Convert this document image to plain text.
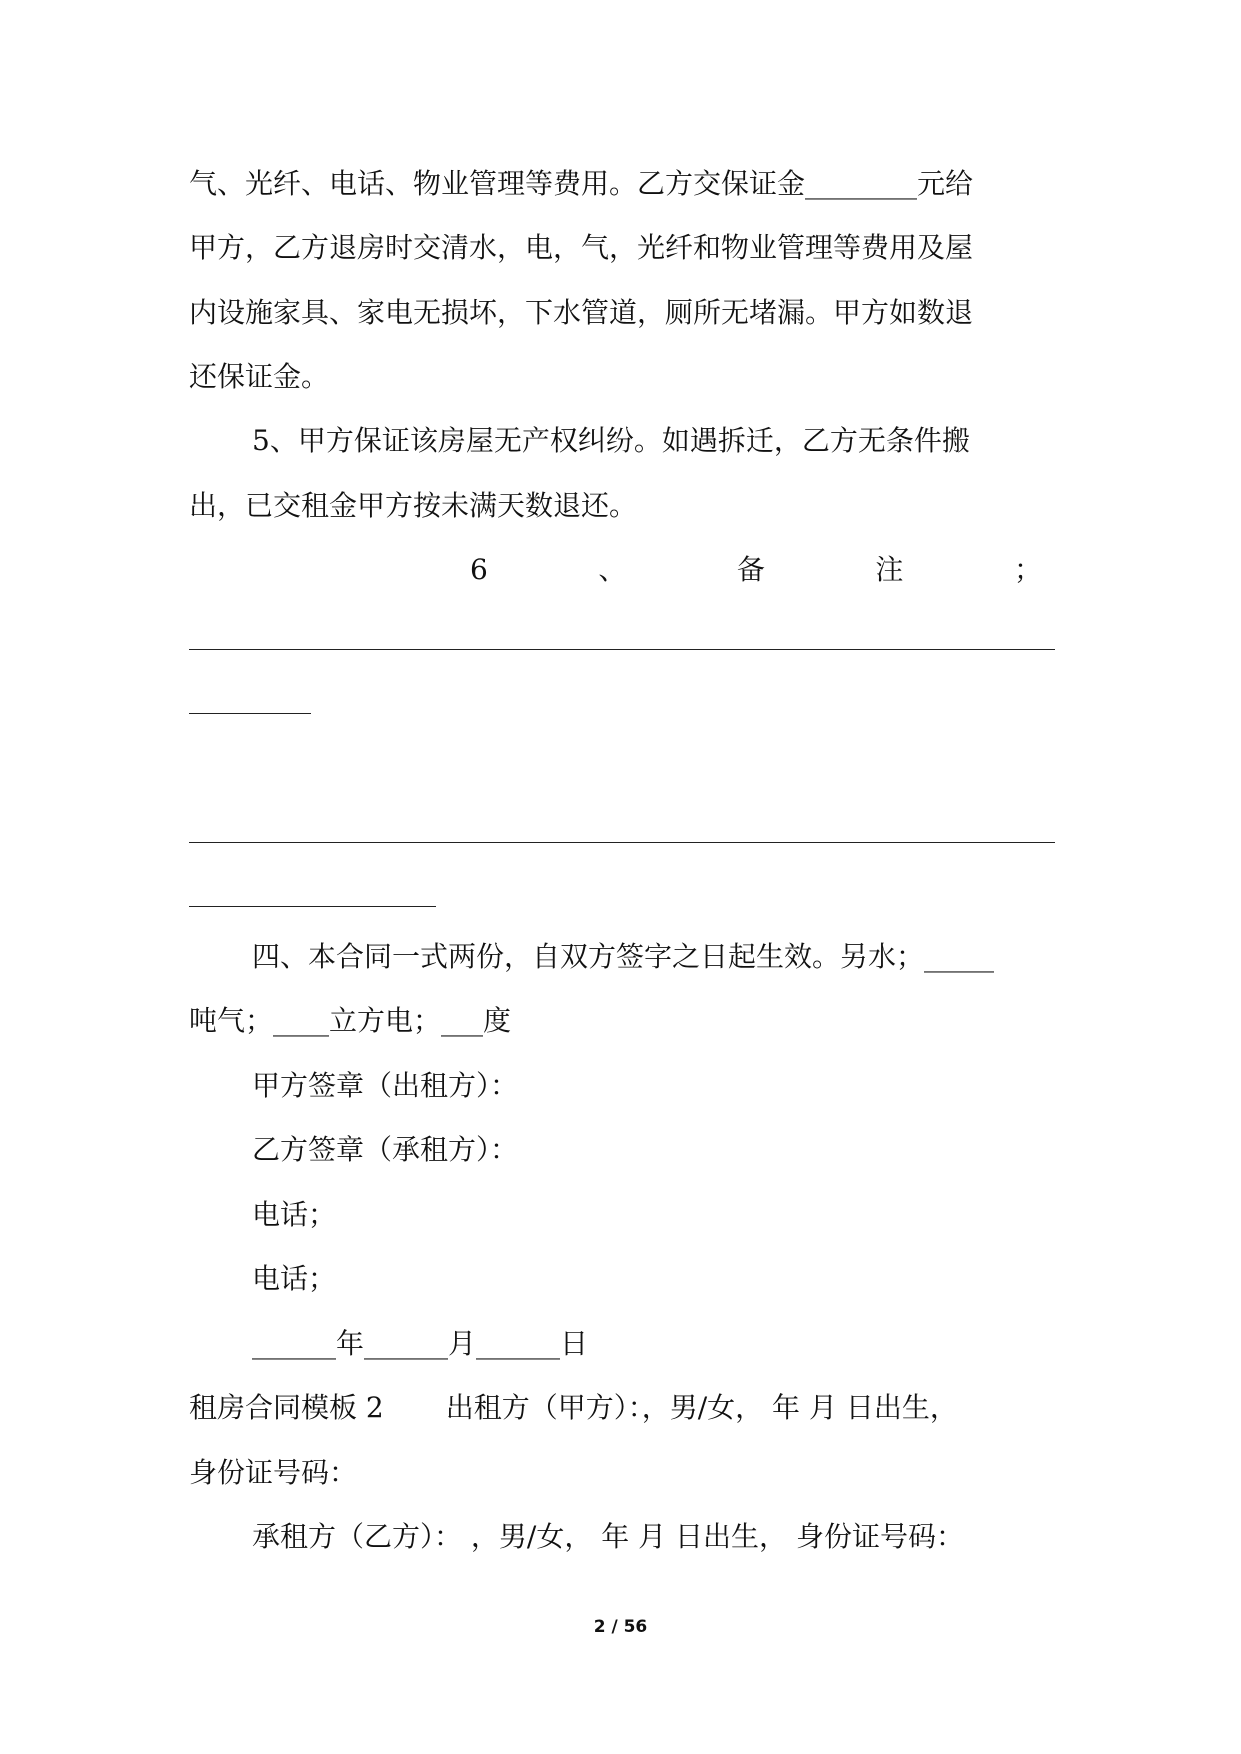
气、光纤、电话、物业管理等费用。乙方交保证金________元给
甲方，乙方退房时交清水，电，气，光纤和物业管理等费用及屋
内设施家具、家电无损坏，下水管道，厕所无堵漏。甲方如数退
还保证金。
5、甲方保证该房屋无产权纠纷。如遇拆迁，乙方无条件搬
出，已交租金甲方按未满天数退还。
6	、	备	注	；
四、本合同一式两份，自双方签字之日起生效。另水；_____
吨气；____立方电；___度
甲方签章（出租方）：
乙方签章（承租方）：
电话；
电话；
______年______月______日
租房合同模板 2 出租方（甲方）：，男/女， 年 月 日出生，
身份证号码：
承租方（乙方）： ，男/女， 年 月 日出生， 身份证号码：
2 / 56
